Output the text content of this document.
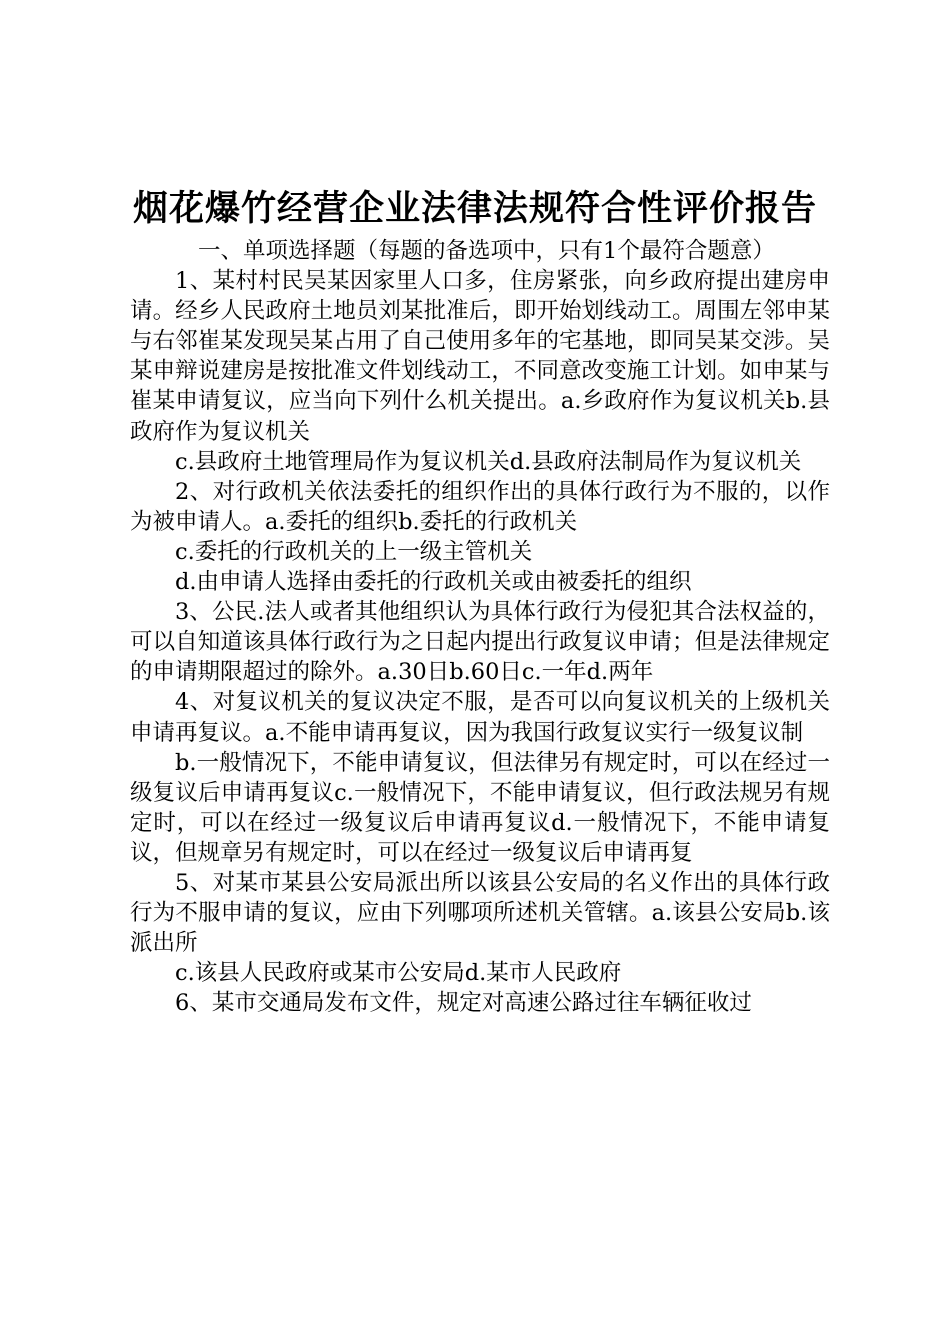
烟花爆竹经营企业法律法规符合性评价报告

一、单项选择题（每题的备选项中，只有1个最符合题意）

1、某村村民吴某因家里人口多，住房紧张，向乡政府提出建房申请。经乡人民政府土地员刘某批准后，即开始划线动工。周围左邻申某与右邻崔某发现吴某占用了自己使用多年的宅基地，即同吴某交涉。吴某申辩说建房是按批准文件划线动工，不同意改变施工计划。如申某与崔某申请复议，应当向下列什么机关提出。a.乡政府作为复议机关b.县政府作为复议机关

c.县政府土地管理局作为复议机关d.县政府法制局作为复议机关

2、对行政机关依法委托的组织作出的具体行政行为不服的，以作为被申请人。a.委托的组织b.委托的行政机关

c.委托的行政机关的上一级主管机关

d.由申请人选择由委托的行政机关或由被委托的组织

3、公民.法人或者其他组织认为具体行政行为侵犯其合法权益的，可以自知道该具体行政行为之日起内提出行政复议申请；但是法律规定的申请期限超过的除外。a.30日b.60日c.一年d.两年

4、对复议机关的复议决定不服，是否可以向复议机关的上级机关申请再复议。a.不能申请再复议，因为我国行政复议实行一级复议制

b.一般情况下，不能申请复议，但法律另有规定时，可以在经过一级复议后申请再复议c.一般情况下，不能申请复议，但行政法规另有规定时，可以在经过一级复议后申请再复议d.一般情况下，不能申请复议，但规章另有规定时，可以在经过一级复议后申请再复

5、对某市某县公安局派出所以该县公安局的名义作出的具体行政行为不服申请的复议，应由下列哪项所述机关管辖。a.该县公安局b.该派出所

c.该县人民政府或某市公安局d.某市人民政府

6、某市交通局发布文件，规定对高速公路过往车辆征收过
